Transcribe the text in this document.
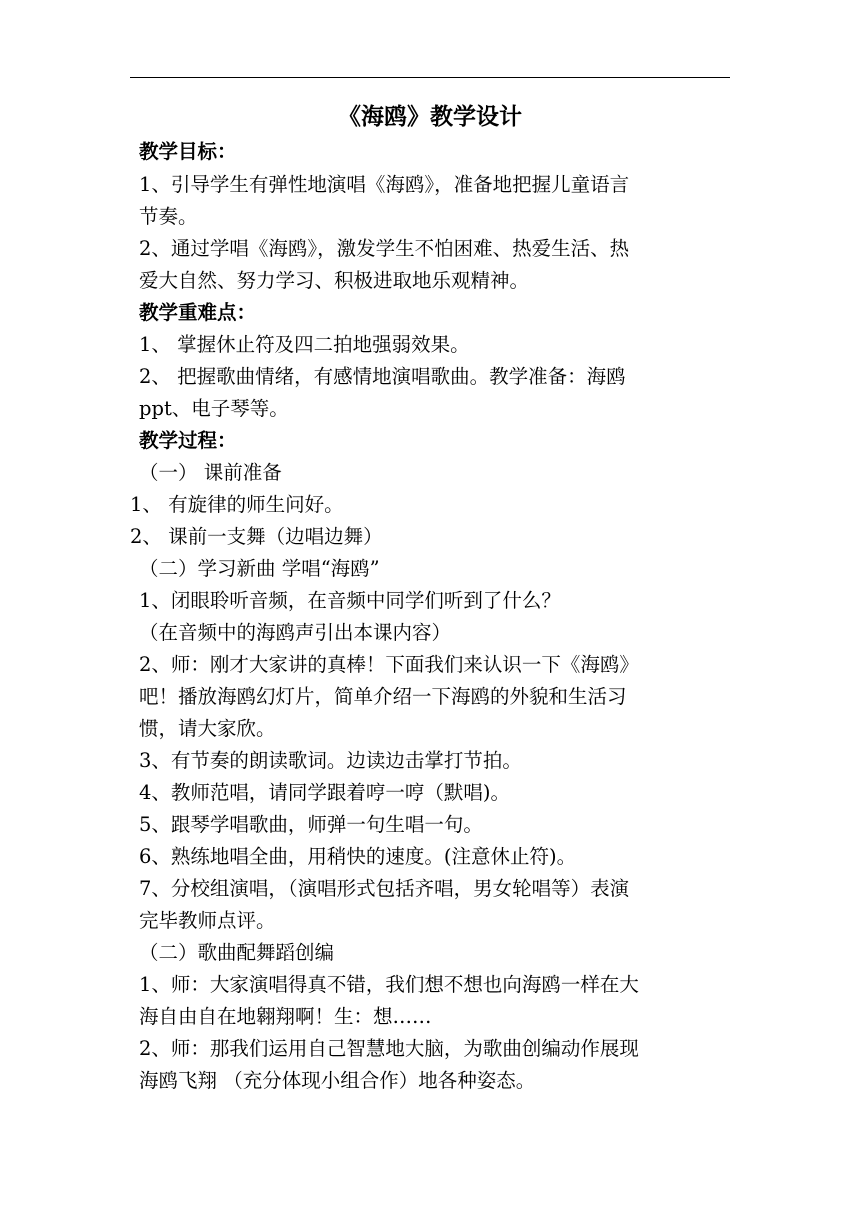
《海鸥》教学设计
教学目标：
1、引导学生有弹性地演唱《海鸥》，准备地把握儿童语言
节奏。
2、通过学唱《海鸥》，激发学生不怕困难、热爱生活、热
爱大自然、努力学习、积极进取地乐观精神。
教学重难点：
1、 掌握休止符及四二拍地强弱效果。
2、 把握歌曲情绪，有感情地演唱歌曲。教学准备：海鸥
ppt、电子琴等。
教学过程：
（一） 课前准备
1、 有旋律的师生问好。
2、 课前一支舞（边唱边舞）
（二）学习新曲 学唱“海鸥”
1、闭眼聆听音频，在音频中同学们听到了什么？
（在音频中的海鸥声引出本课内容）
2、师：刚才大家讲的真棒！下面我们来认识一下《海鸥》
吧！播放海鸥幻灯片，简单介绍一下海鸥的外貌和生活习
惯，请大家欣。
3、有节奏的朗读歌词。边读边击掌打节拍。
4、教师范唱，请同学跟着哼一哼（默唱)。
5、跟琴学唱歌曲，师弹一句生唱一句。
6、熟练地唱全曲，用稍快的速度。(注意休止符)。
7、分校组演唱，（演唱形式包括齐唱，男女轮唱等）表演
完毕教师点评。
（二）歌曲配舞蹈创编
1、师：大家演唱得真不错，我们想不想也向海鸥一样在大
海自由自在地翱翔啊！生：想……
2、师：那我们运用自己智慧地大脑，为歌曲创编动作展现
海鸥飞翔 （充分体现小组合作）地各种姿态。
